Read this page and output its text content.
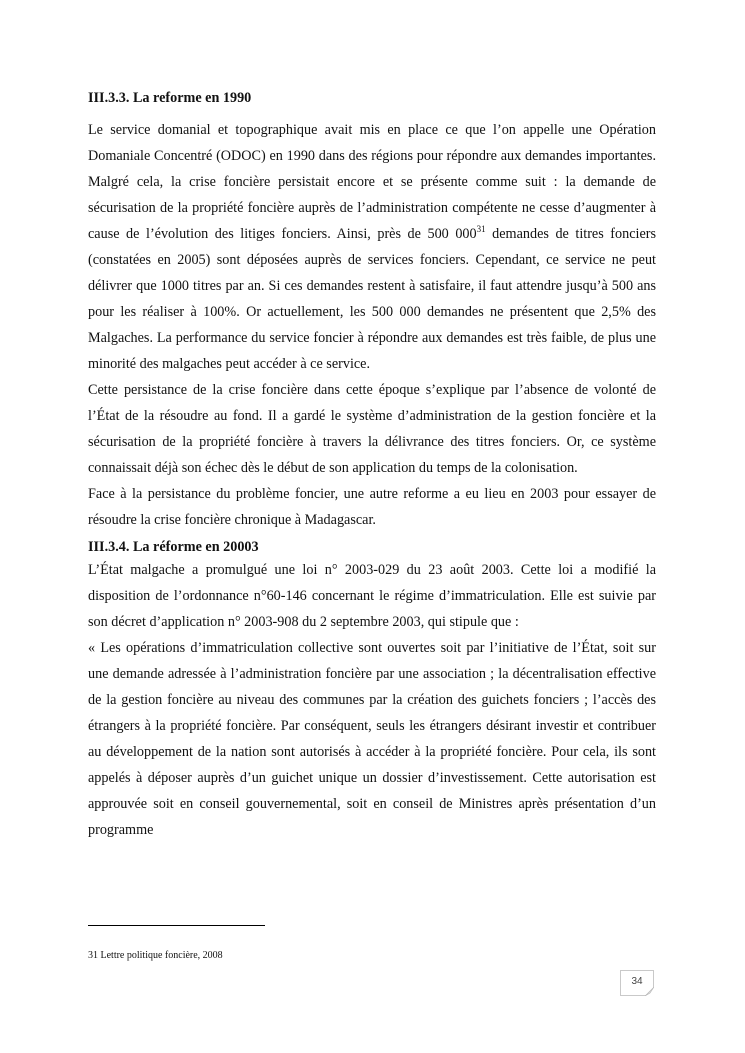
III.3.3. La reforme en 1990

Le service domanial et topographique avait mis en place ce que l’on appelle une Opération Domaniale Concentré (ODOC) en 1990 dans des régions pour répondre aux demandes importantes. Malgré cela, la crise foncière persistait encore et se présente comme suit : la demande de sécurisation de la propriété foncière auprès de l’administration compétente ne cesse d’augmenter à cause de l’évolution des litiges fonciers. Ainsi, près de 500 $000^{31}$ demandes de titres fonciers (constatées en 2005) sont déposées auprès de services fonciers. Cependant, ce service ne peut délivrer que 1000 titres par an. Si ces demandes restent à satisfaire, il faut attendre jusqu’à 500 ans pour les réaliser à 100%. Or actuellement, les 500 000 demandes ne présentent que 2,5% des Malgaches. La performance du service foncier à répondre aux demandes est très faible, de plus une minorité des malgaches peut accéder à ce service.

Cette persistance de la crise foncière dans cette époque s’explique par l’absence de volonté de l’État de la résoudre au fond. Il a gardé le système d’administration de la gestion foncière et la sécurisation de la propriété foncière à travers la délivrance des titres fonciers. Or, ce système connaissait déjà son échec dès le début de son application du temps de la colonisation.

Face à la persistance du problème foncier, une autre reforme a eu lieu en 2003 pour essayer de résoudre la crise foncière chronique à Madagascar.

III.3.4. La réforme en 20003

L’État malgache a promulgué une loi n° 2003-029 du 23 août 2003. Cette loi a modifié la disposition de l’ordonnance n°60-146 concernant le régime d’immatriculation. Elle est suivie par son décret d’application n° 2003-908 du 2 septembre 2003, qui stipule que :

« Les opérations d’immatriculation collective sont ouvertes soit par l’initiative de l’État, soit sur une demande adressée à l’administration foncière par une association ; la décentralisation effective de la gestion foncière au niveau des communes par la création des guichets fonciers ; l’accès des étrangers à la propriété foncière. Par conséquent, seuls les étrangers désirant investir et contribuer au développement de la nation sont autorisés à accéder à la propriété foncière. Pour cela, ils sont appelés à déposer auprès d’un guichet unique un dossier d’investissement. Cette autorisation est approuvée soit en conseil gouvernemental, soit en conseil de Ministres après présentation d’un programme

31 Lettre politique foncière, 2008
34
